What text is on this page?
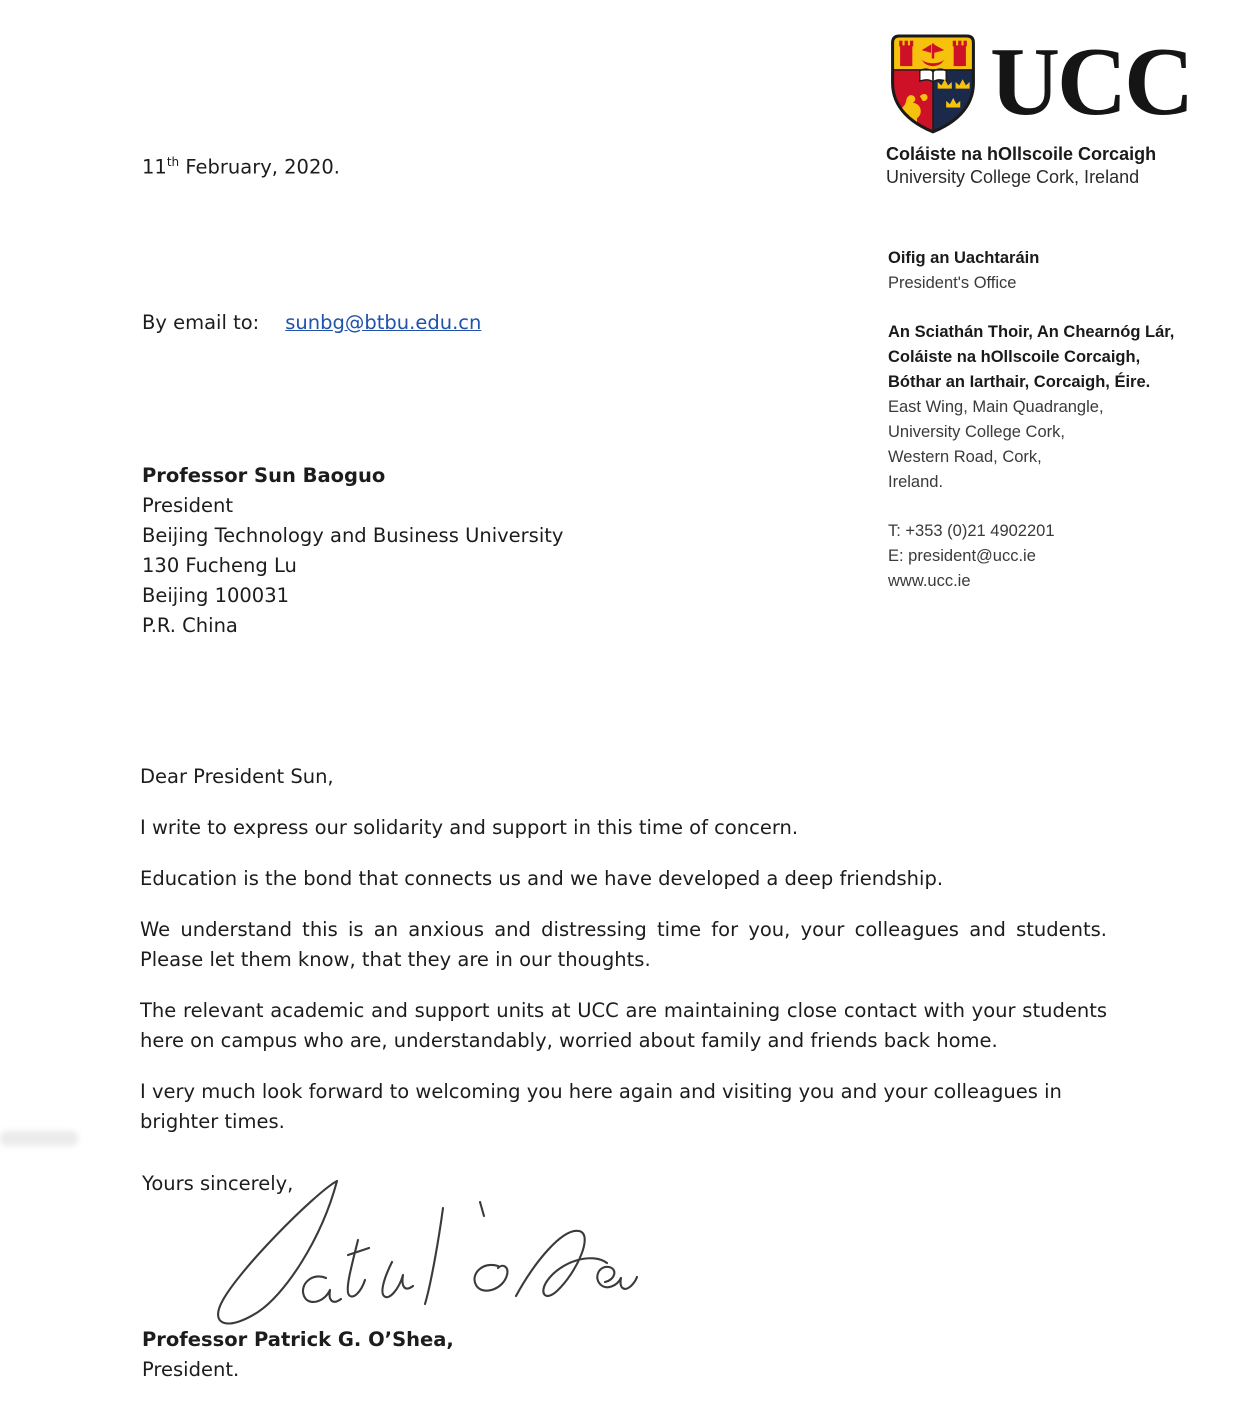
UCC
Coláiste na hOllscoile Corcaigh
University College Cork, Ireland
11th February, 2020.
By email to: sunbg@btbu.edu.cn
Professor Sun Baoguo
President
Beijing Technology and Business University
130 Fucheng Lu
Beijing 100031
P.R. China
Oifig an Uachtaráin
President's Office
An Sciathán Thoir, An Chearnóg Lár,
Coláiste na hOllscoile Corcaigh,
Bóthar an Iarthair, Corcaigh, Éire.
East Wing, Main Quadrangle,
University College Cork,
Western Road, Cork,
Ireland.
T: +353 (0)21 4902201
E: president@ucc.ie
www.ucc.ie

Dear President Sun,

I write to express our solidarity and support in this time of concern.

Education is the bond that connects us and we have developed a deep friendship.

We understand this is an anxious and distressing time for you, your colleagues and students.  Please let them know, that they are in our thoughts.

The relevant academic and support units at UCC are maintaining close contact with your students here on campus who are, understandably, worried about family and friends back home.

I very much look forward to welcoming you here again and visiting you and your colleagues in brighter times.

Yours sincerely,
Professor Patrick G. O’Shea,
President.
